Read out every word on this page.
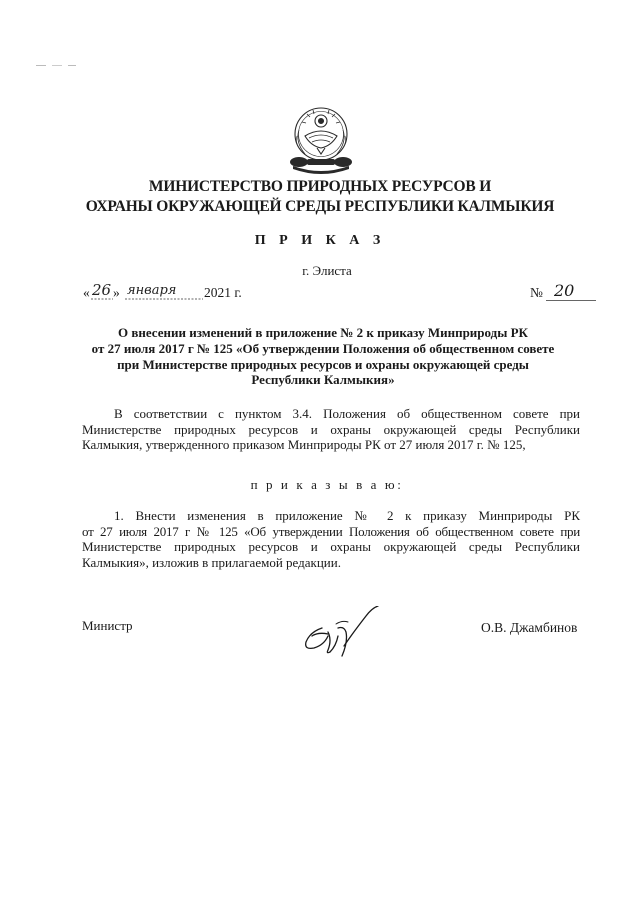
МИНИСТЕРСТВО ПРИРОДНЫХ РЕСУРСОВ И
ОХРАНЫ ОКРУЖАЮЩЕЙ СРЕДЫ РЕСПУБЛИКИ КАЛМЫКИЯ
П Р И К А З
г. Элиста
« 26 » января 2021 г.	№ 20
О внесении изменений в приложение № 2 к приказу Минприроды РК
от 27 июля 2017 г № 125 «Об утверждении Положения об общественном совете
при Министерстве природных ресурсов и охраны окружающей среды
Республики Калмыкия»
В соответствии с пунктом 3.4. Положения об общественном совете при
Министерстве природных ресурсов и охраны окружающей среды Республики
Калмыкия, утвержденного приказом Минприроды РК от 27 июля 2017 г. № 125,
п р и к а з ы в а ю:
1. Внести изменения в приложение № 2 к приказу Минприроды РК
от 27 июля 2017 г № 125 «Об утверждении Положения об общественном совете при
Министерстве природных ресурсов и охраны окружающей среды Республики
Калмыкия», изложив в прилагаемой редакции.
Министр	О.В. Джамбинов
